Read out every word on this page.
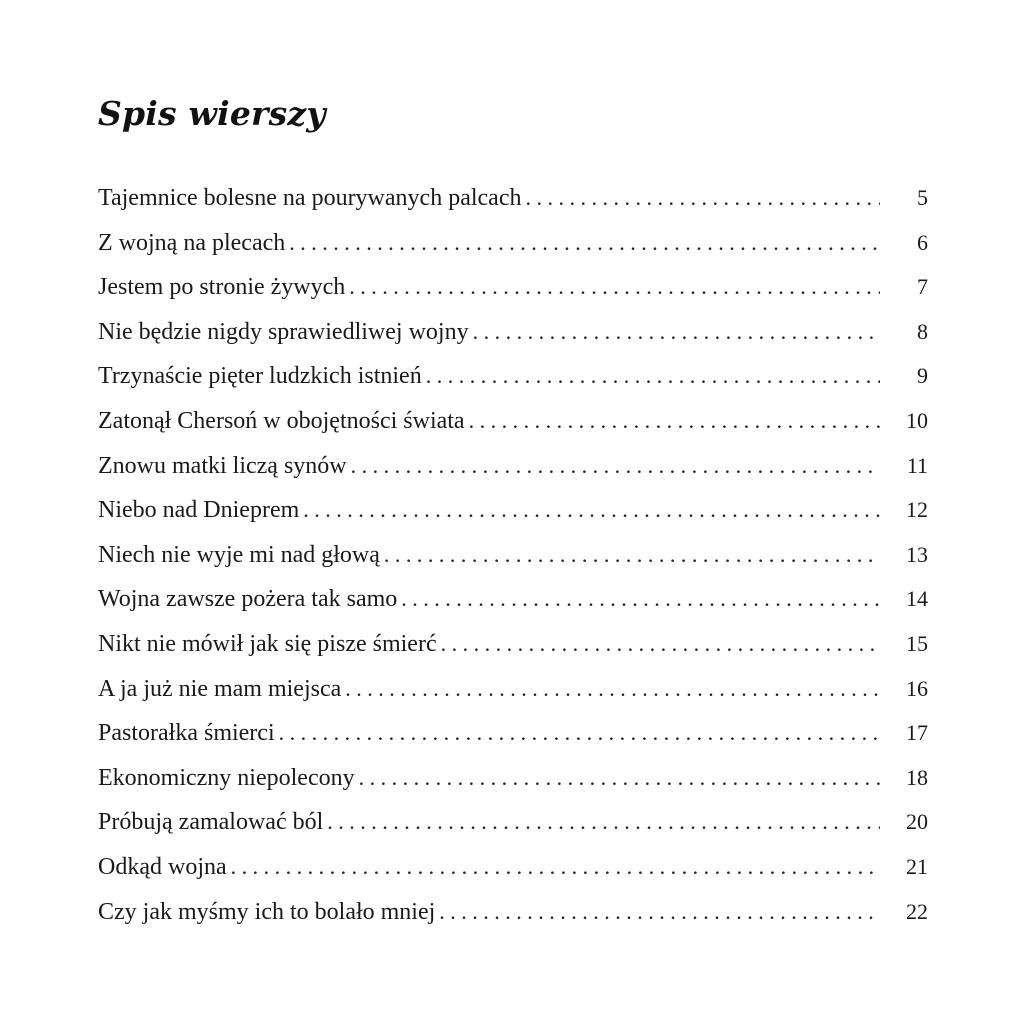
Spis wierszy
Tajemnice bolesne na pourywanych palcach . . .	5
Z wojną na plecach . . .	6
Jestem po stronie żywych . . .	7
Nie będzie nigdy sprawiedliwej wojny . . .	8
Trzynaście pięter ludzkich istnień . . .	9
Zatonął Chersoń w obojętności świata . . .	10
Znowu matki liczą synów . . .	11
Niebo nad Dnieprem . . .	12
Niech nie wyje mi nad głową . . .	13
Wojna zawsze pożera tak samo . . .	14
Nikt nie mówił jak się pisze śmierć . . .	15
A ja już nie mam miejsca . . .	16
Pastorałka śmierci . . .	17
Ekonomiczny niepolecony . . .	18
Próbują zamalować ból . . .	20
Odkąd wojna . . .	21
Czy jak myśmy ich to bolało mniej . . .	22
